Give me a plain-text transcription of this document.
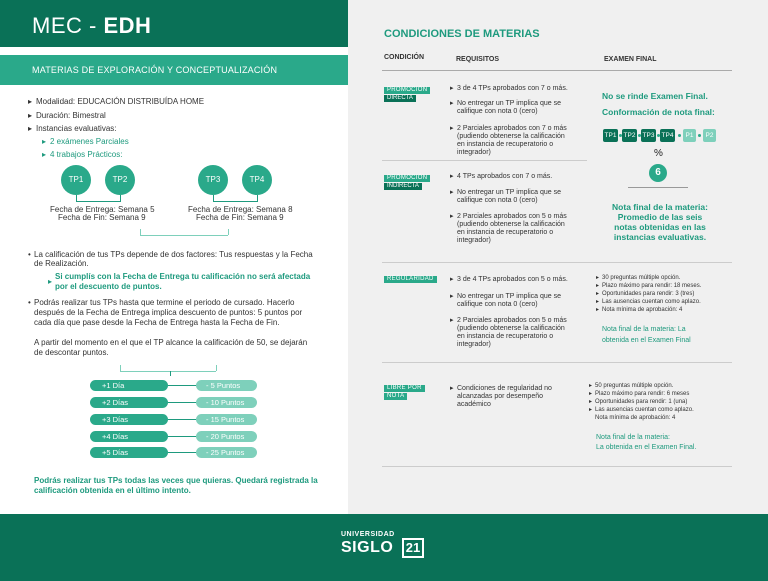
MEC - EDH
MATERIAS DE EXPLORACIÓN Y CONCEPTUALIZACIÓN
▸ Modalidad: EDUCACIÓN DISTRIBUÍDA HOME
▸ Duración: Bimestral
▸ Instancias evaluativas:
▸ 2 exámenes Parciales
▸ 4 trabajos Prácticos:
TP1	TP2	TP3	TP4
Fecha de Entrega: Semana 5
Fecha de Fin: Semana 9
Fecha de Entrega: Semana 8
Fecha de Fin: Semana 9
• La calificación de tus TPs depende de dos factores: Tus respuestas y la Fecha
de Realización.
▸
Si cumplís con la Fecha de Entrega tu calificación no será afectada
por el descuento de puntos.
• Podrás realizar tus TPs hasta que termine el periodo de cursado. Hacerlo
después de la Fecha de Entrega implica descuento de puntos: 5 puntos por
cada día que pase desde la Fecha de Entrega hasta la Fecha de Fin.
A partir del momento en el que el TP alcance la calificación de 50, se dejarán
de descontar puntos.
+1 Día	- 5 Puntos
+2 Días	- 10 Puntos
+3 Días	- 15 Puntos
+4 Días	- 20 Puntos
+5 Días	- 25 Puntos
Podrás realizar tus TPs todas las veces que quieras. Quedará registrada la
calificación obtenida en el último intento.
CONDICIONES DE MATERIAS
CONDICIÓN	REQUISITOS	EXAMEN FINAL
PROMOCIÓN
DIRECTA
▸ 3 de 4 TPs aprobados con 7 o más.
▸ No entregar un TP implica que se
califique con nota 0 (cero)
▸ 2 Parciales aprobados con 7 o más
(pudiendo obtenerse la calificación
en instancia de recuperatorio o
integrador)
No se rinde Examen Final.
Conformación de nota final:
TP1 TP2 TP3 TP4	P1	P2
%
6
PROMOCIÓN
INDIRECTA
▸ 4 TPs aprobados con 7 o más.
▸ No entregar un TP implica que se
califique con nota 0 (cero)
▸ 2 Parciales aprobados con 5 o más
(pudiendo obtenerse la calificación
en instancia de recuperatorio o
integrador)
Nota final de la materia:
Promedio de las seis
notas obtenidas en las
instancias evaluativas.
REGULARIDAD	▸ 3 de 4 TPs aprobados con 5 o más.
▸ No entregar un TP implica que se
califique con nota 0 (cero)
▸ 2 Parciales aprobados con 5 o más
(pudiendo obtenerse la calificación
en instancia de recuperatorio o
integrador)
▸ 30 preguntas múltiple opción.
▸ Plazo máximo para rendir: 18 meses.
▸ Oportunidades para rendir: 3 (tres)
▸ Las ausencias cuentan como aplazo.
▸ Nota mínima de aprobación: 4
Nota final de la materia: La
obtenida en el Examen Final
LIBRE POR
NOTA
▸ Condiciones de regularidad no
alcanzadas por desempeño
académico
▸ 50 preguntas múltiple opción.
▸ Plazo máximo para rendir: 6 meses
▸ Oportunidades para rendir: 1 (una)
▸ Las ausencias cuentan como aplazo.
Nota mínima de aprobación: 4
Nota final de la materia:
La obtenida en el Examen Final.
UNIVERSIDAD
SIGLO 21
